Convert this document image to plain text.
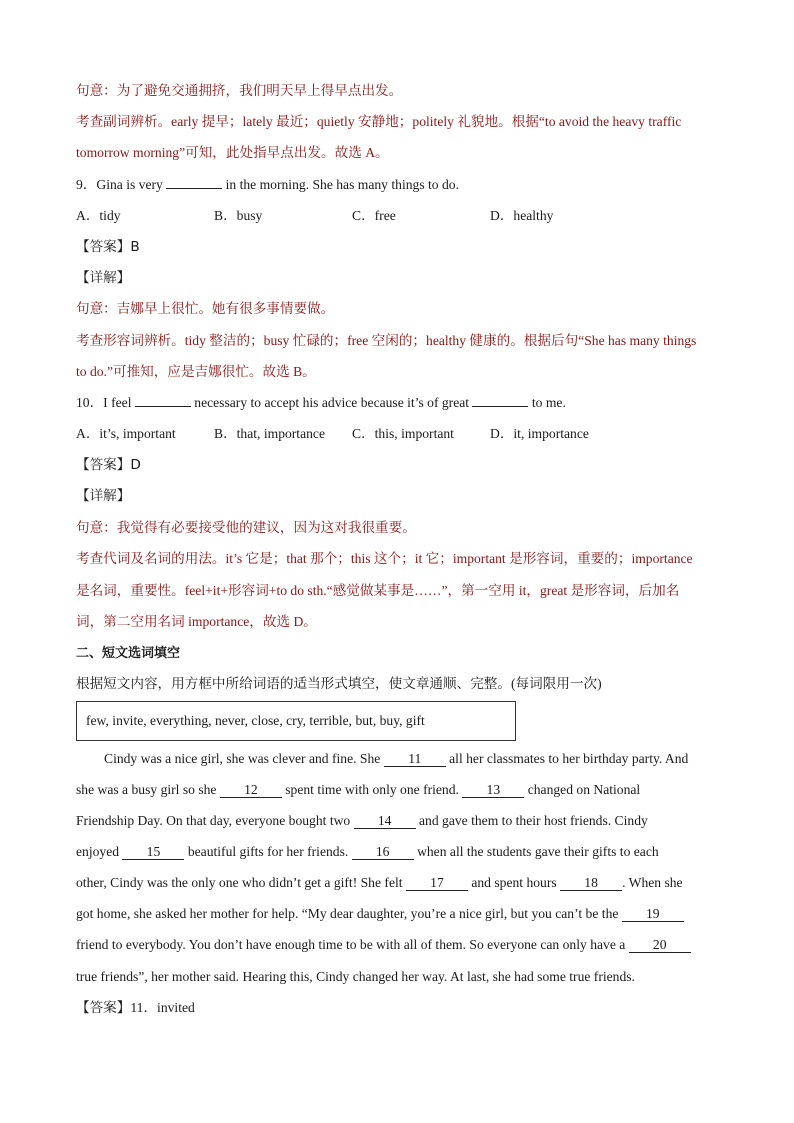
句意：为了避免交通拥挤，我们明天早上得早点出发。
考查副词辨析。early 提早；lately 最近；quietly 安静地；politely 礼貌地。根据“to avoid the heavy traffic
tomorrow morning”可知，此处指早点出发。故选 A。
9．Gina is very	in the morning. She has many things to do.
A．tidy	B．busy	C．free	D．healthy
【答案】B
【详解】
句意：吉娜早上很忙。她有很多事情要做。
考查形容词辨析。tidy 整洁的；busy 忙碌的；free 空闲的；healthy 健康的。根据后句“She has many things
to do.”可推知，应是吉娜很忙。故选 B。
10．I feel	necessary to accept his advice because it’s of great	to me.
A．it’s, important	B．that, importance C．this, important	D．it, importance
【答案】D
【详解】
句意：我觉得有必要接受他的建议，因为这对我很重要。
考查代词及名词的用法。it’s 它是；that 那个；this 这个；it 它；important 是形容词，重要的；importance
是名词，重要性。feel+it+形容词+to do sth.“感觉做某事是……”，第一空用 it，great 是形容词，后加名
词，第二空用名词 importance，故选 D。
二、短文选词填空
根据短文内容，用方框中所给词语的适当形式填空，使文章通顺、完整。(每词限用一次)
few, invite, everything, never, close, cry, terrible, but, buy, gift
Cindy was a nice girl, she was clever and fine. She 11 all her classmates to her birthday party. And
she was a busy girl so she 12 spent time with only one friend. 13 changed on National
Friendship Day. On that day, everyone bought two 14 and gave them to their host friends. Cindy
enjoyed 15 beautiful gifts for her friends. 16 when all the students gave their gifts to each
other, Cindy was the only one who didn’t get a gift! She felt 17 and spent hours 18 . When she
got home, she asked her mother for help. “My dear daughter, you’re a nice girl, but you can’t be the 19
friend to everybody. You don’t have enough time to be with all of them. So everyone can only have a 20
true friends”, her mother said. Hearing this, Cindy changed her way. At last, she had some true friends.
【答案】11．invited
